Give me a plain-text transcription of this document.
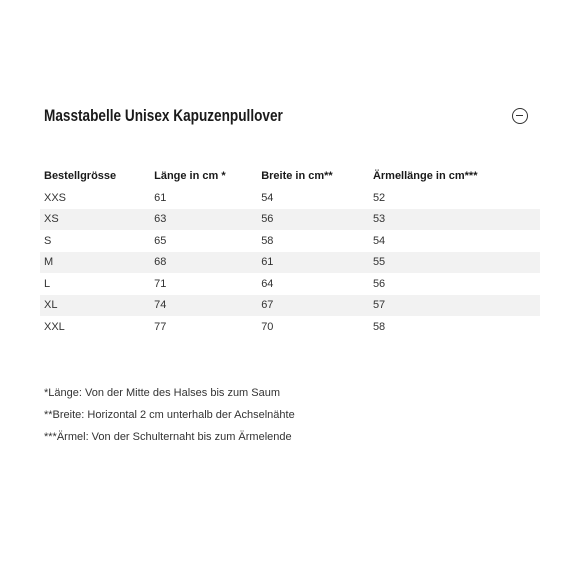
Masstabelle Unisex Kapuzenpullover
Bestellgrösse	Länge in cm *	Breite in cm**	Ärmellänge in cm***
XXS	61	54	52
XS	63	56	53
S	65	58	54
M	68	61	55
L	71	64	56
XL	74	67	57
XXL	77	70	58
*Länge: Von der Mitte des Halses bis zum Saum
**Breite: Horizontal 2 cm unterhalb der Achselnähte
***Ärmel: Von der Schulternaht bis zum Ärmelende
